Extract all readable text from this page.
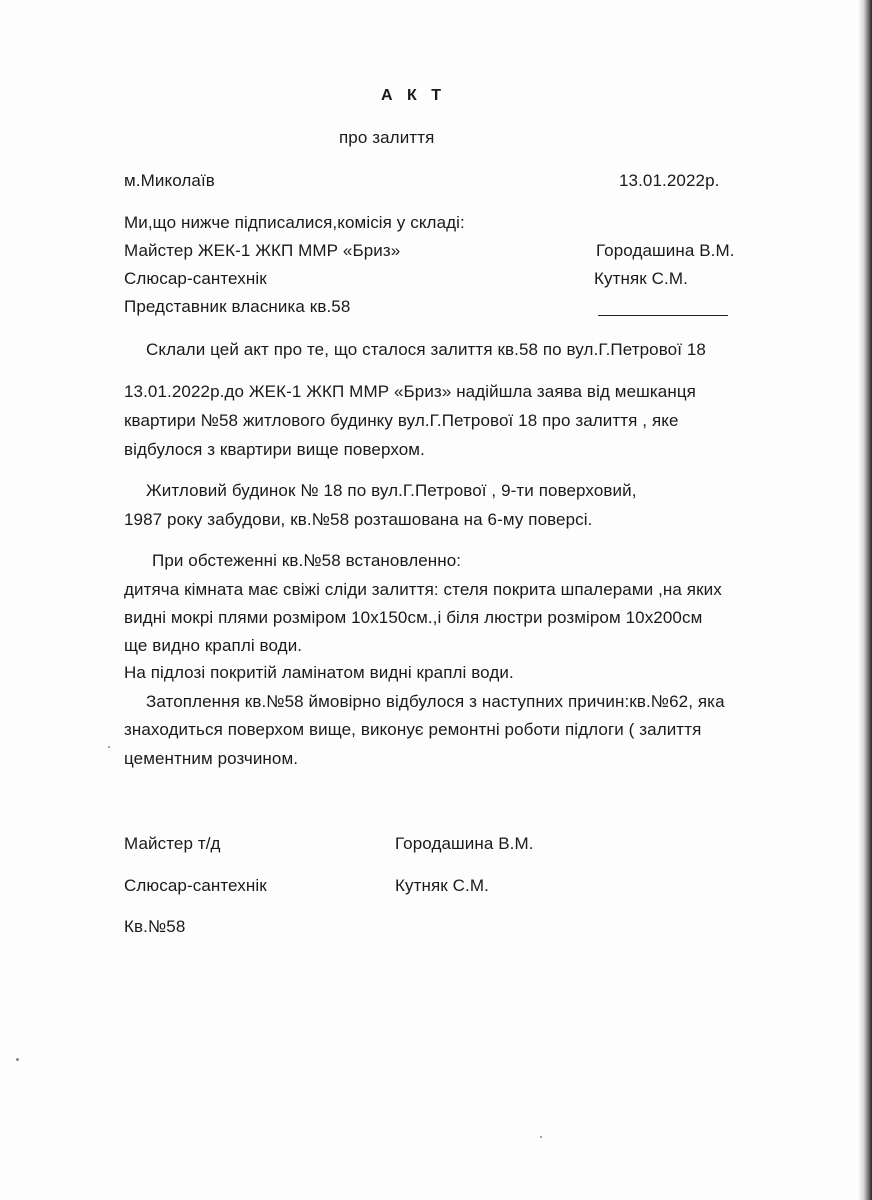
А К Т
про залиття
м.Миколаїв	13.01.2022р.
Ми,що нижче підписалися,комісія у складі:
Майстер ЖЕК-1 ЖКП ММР «Бриз»	Городашина В.М.
Слюсар-сантехнік	Кутняк С.М.
Представник власника кв.58
Склали цей акт про те, що сталося залиття кв.58 по вул.Г.Петрової 18
13.01.2022р.до ЖЕК-1 ЖКП ММР «Бриз» надійшла заява від мешканця
квартири №58 житлового будинку вул.Г.Петрової 18 про залиття , яке
відбулося з квартири вище поверхом.
Житловий будинок № 18 по вул.Г.Петрової , 9-ти поверховий,
1987 року забудови, кв.№58 розташована на 6-му поверсі.
При обстеженні кв.№58 встановленно:
дитяча кімната має свіжі сліди залиття: стеля покрита шпалерами ,на яких
видні мокрі плями розміром 10х150см.,і біля люстри розміром 10х200см
ще видно краплі води.
На підлозі покритій ламінатом видні краплі води.
Затоплення кв.№58 ймовірно відбулося з наступних причин:кв.№62, яка
знаходиться поверхом вище, виконує ремонтні роботи підлоги ( залиття
цементним розчином.
Майстер т/д	Городашина В.М.
Слюсар-сантехнік	Кутняк С.М.
Кв.№58
